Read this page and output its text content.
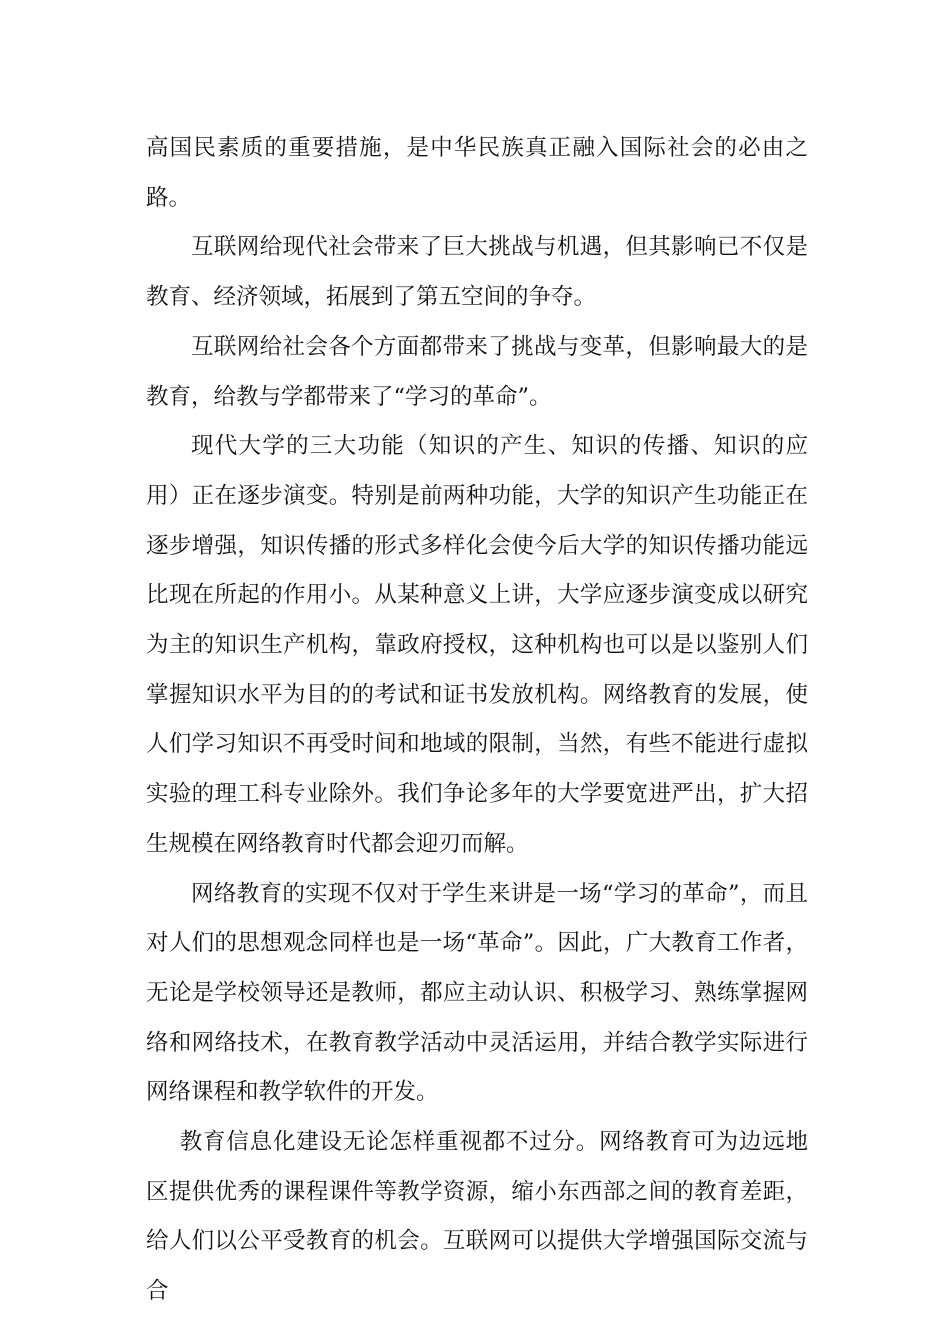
高国民素质的重要措施，是中华民族真正融入国际社会的必由之路。

互联网给现代社会带来了巨大挑战与机遇，但其影响已不仅是教育、经济领域，拓展到了第五空间的争夺。

互联网给社会各个方面都带来了挑战与变革，但影响最大的是教育，给教与学都带来了“学习的革命”。

现代大学的三大功能（知识的产生、知识的传播、知识的应用）正在逐步演变。特别是前两种功能，大学的知识产生功能正在逐步增强，知识传播的形式多样化会使今后大学的知识传播功能远比现在所起的作用小。从某种意义上讲，大学应逐步演变成以研究为主的知识生产机构，靠政府授权，这种机构也可以是以鉴别人们掌握知识水平为目的的考试和证书发放机构。网络教育的发展，使人们学习知识不再受时间和地域的限制，当然，有些不能进行虚拟实验的理工科专业除外。我们争论多年的大学要宽进严出，扩大招生规模在网络教育时代都会迎刃而解。

网络教育的实现不仅对于学生来讲是一场“学习的革命”，而且对人们的思想观念同样也是一场“革命”。因此，广大教育工作者，无论是学校领导还是教师，都应主动认识、积极学习、熟练掌握网络和网络技术，在教育教学活动中灵活运用，并结合教学实际进行网络课程和教学软件的开发。

教育信息化建设无论怎样重视都不过分。网络教育可为边远地区提供优秀的课程课件等教学资源，缩小东西部之间的教育差距，给人们以公平受教育的机会。互联网可以提供大学增强国际交流与合
